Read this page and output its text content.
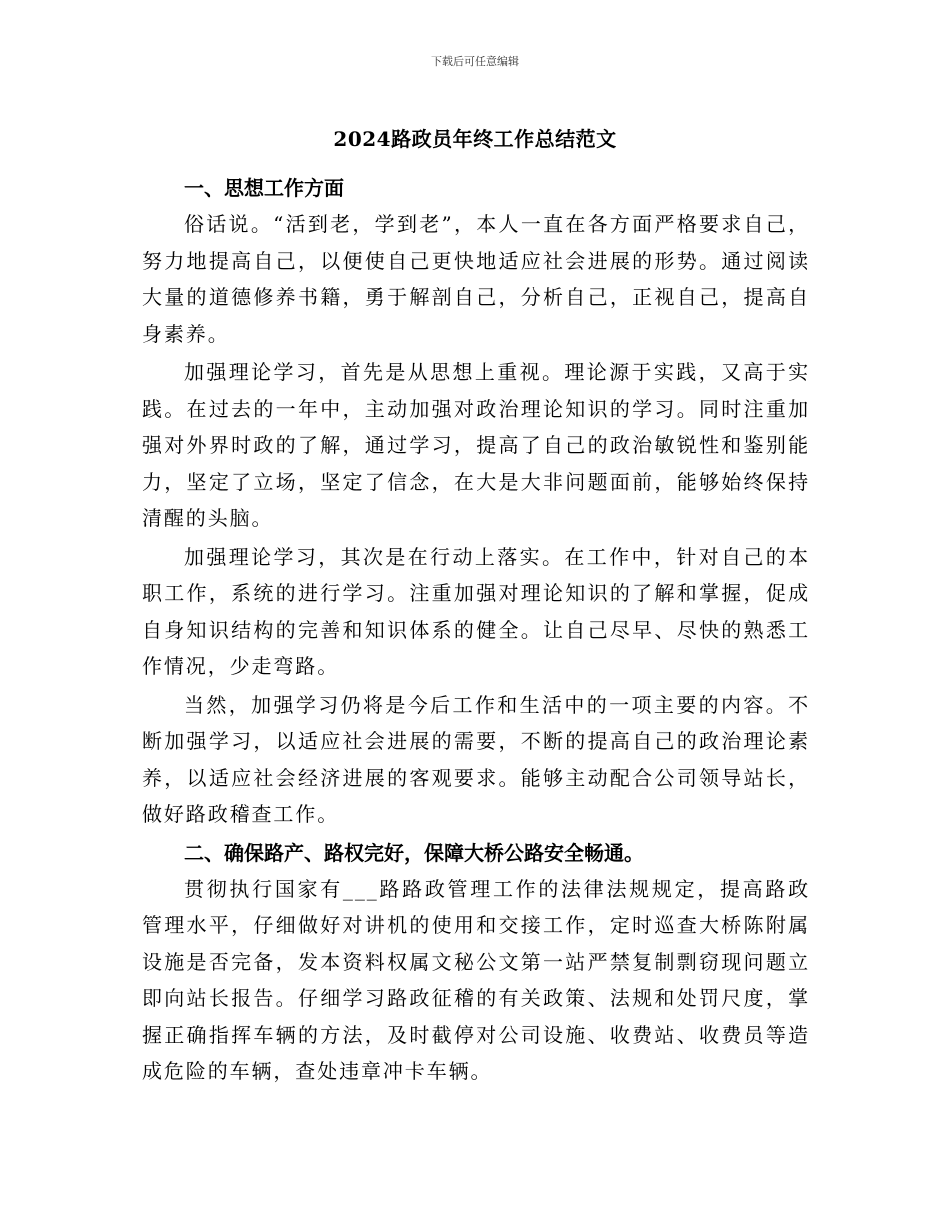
下载后可任意编辑
2024路政员年终工作总结范文

一、思想工作方面

俗话说。“活到老，学到老”，本人一直在各方面严格要求自己，努力地提高自己，以便使自己更快地适应社会进展的形势。通过阅读大量的道德修养书籍，勇于解剖自己，分析自己，正视自己，提高自身素养。

加强理论学习，首先是从思想上重视。理论源于实践，又高于实践。在过去的一年中，主动加强对政治理论知识的学习。同时注重加强对外界时政的了解，通过学习，提高了自己的政治敏锐性和鉴别能力，坚定了立场，坚定了信念，在大是大非问题面前，能够始终保持清醒的头脑。

加强理论学习，其次是在行动上落实。在工作中，针对自己的本职工作，系统的进行学习。注重加强对理论知识的了解和掌握，促成自身知识结构的完善和知识体系的健全。让自己尽早、尽快的熟悉工作情况，少走弯路。

当然，加强学习仍将是今后工作和生活中的一项主要的内容。不断加强学习，以适应社会进展的需要，不断的提高自己的政治理论素养，以适应社会经济进展的客观要求。能够主动配合公司领导站长，做好路政稽查工作。

二、确保路产、路权完好，保障大桥公路安全畅通。

贯彻执行国家有___路路政管理工作的法律法规规定，提高路政管理水平，仔细做好对讲机的使用和交接工作，定时巡查大桥陈附属设施是否完备，发本资料权属文秘公文第一站严禁复制剽窃现问题立即向站长报告。仔细学习路政征稽的有关政策、法规和处罚尺度，掌握正确指挥车辆的方法，及时截停对公司设施、收费站、收费员等造成危险的车辆，查处违章冲卡车辆。
